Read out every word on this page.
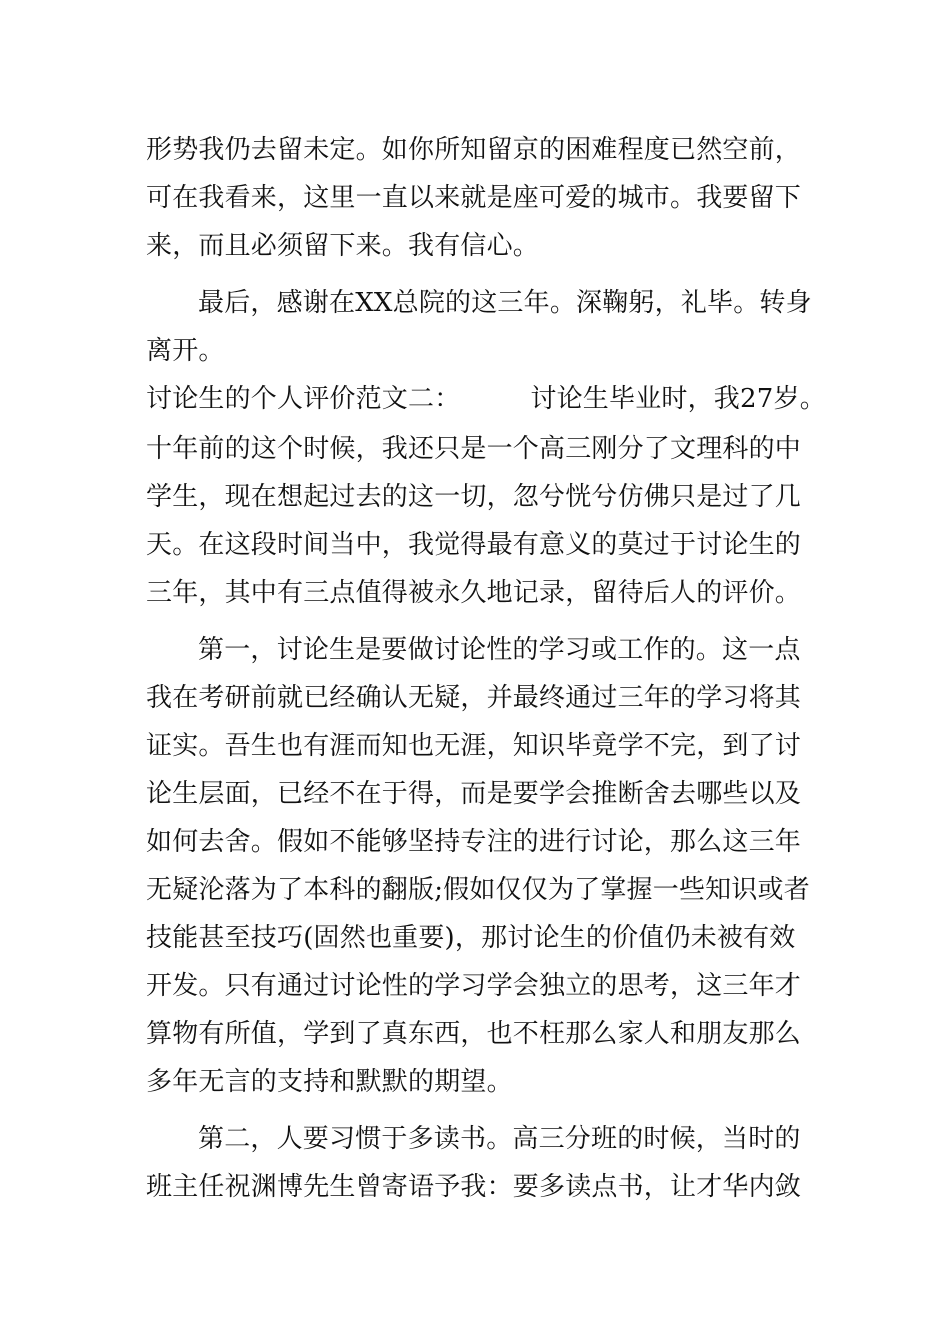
形势我仍去留未定。如你所知留京的困难程度已然空前，
可在我看来，这里一直以来就是座可爱的城市。我要留下
来，而且必须留下来。我有信心。
最后，感谢在XX总院的这三年。深鞠躬，礼毕。转身
离开。
讨论生的个人评价范文二：	讨论生毕业时，我27岁。
十年前的这个时候，我还只是一个高三刚分了文理科的中
学生，现在想起过去的这一切，忽兮恍兮仿佛只是过了几
天。在这段时间当中，我觉得最有意义的莫过于讨论生的
三年，其中有三点值得被永久地记录，留待后人的评价。
第一，讨论生是要做讨论性的学习或工作的。这一点
我在考研前就已经确认无疑，并最终通过三年的学习将其
证实。吾生也有涯而知也无涯，知识毕竟学不完，到了讨
论生层面，已经不在于得，而是要学会推断舍去哪些以及
如何去舍。假如不能够坚持专注的进行讨论，那么这三年
无疑沦落为了本科的翻版;假如仅仅为了掌握一些知识或者
技能甚至技巧(固然也重要)，那讨论生的价值仍未被有效
开发。只有通过讨论性的学习学会独立的思考，这三年才
算物有所值，学到了真东西，也不枉那么家人和朋友那么
多年无言的支持和默默的期望。
第二，人要习惯于多读书。高三分班的时候，当时的
班主任祝渊博先生曾寄语予我：要多读点书，让才华内敛
